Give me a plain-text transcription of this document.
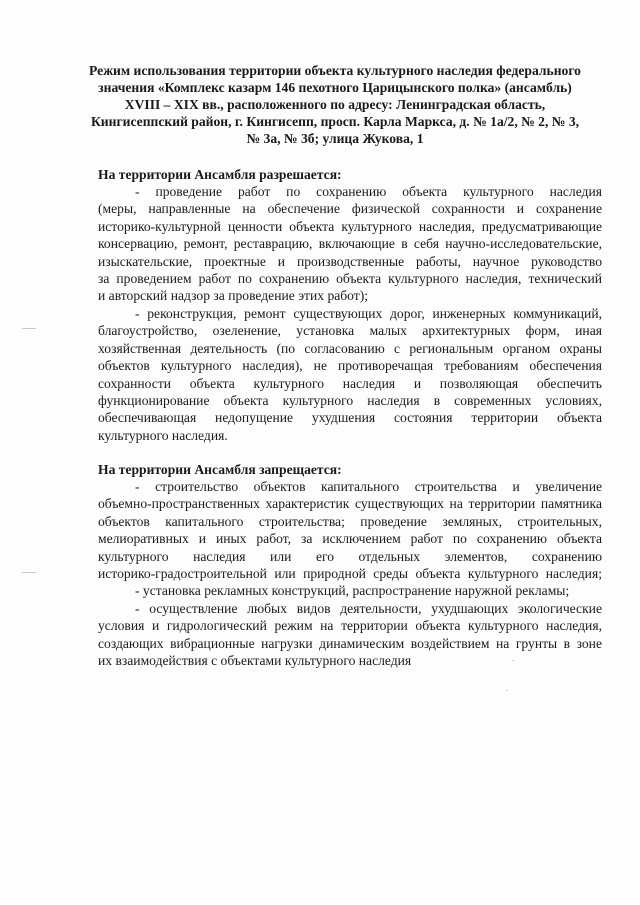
Режим использования территории объекта культурного наследия федерального
значения «Комплекс казарм 146 пехотного Царицынского полка» (ансамбль)
XVIII – XIX вв., расположенного по адресу: Ленинградская область,
Кингисеппский район, г. Кингисепп, просп. Карла Маркса, д. № 1а/2, № 2, № 3,
№ 3а, № 3б; улица Жукова, 1
На территории Ансамбля разрешается:
- проведение работ по сохранению объекта культурного наследия
(меры, направленные на обеспечение физической сохранности и сохранение
историко-культурной ценности объекта культурного наследия, предусматривающие
консервацию, ремонт, реставрацию, включающие в себя научно-исследовательские,
изыскательские, проектные и производственные работы, научное руководство
за проведением работ по сохранению объекта культурного наследия, технический
и авторский надзор за проведение этих работ);
- реконструкция, ремонт существующих дорог, инженерных коммуникаций,
благоустройство, озеленение, установка малых архитектурных форм, иная
хозяйственная деятельность (по согласованию с региональным органом охраны
объектов культурного наследия), не противоречащая требованиям обеспечения
сохранности объекта культурного наследия и позволяющая обеспечить
функционирование объекта культурного наследия в современных условиях,
обеспечивающая недопущение ухудшения состояния территории объекта
культурного наследия.
На территории Ансамбля запрещается:
- строительство объектов капитального строительства и увеличение
объемно-пространственных характеристик существующих на территории памятника
объектов капитального строительства; проведение земляных, строительных,
мелиоративных и иных работ, за исключением работ по сохранению объекта
культурного наследия или его отдельных элементов, сохранению
историко-градостроительной или природной среды объекта культурного наследия;
- установка рекламных конструкций, распространение наружной рекламы;
- осуществление любых видов деятельности, ухудшающих экологические
условия и гидрологический режим на территории объекта культурного наследия,
создающих вибрационные нагрузки динамическим воздействием на грунты в зоне
их взаимодействия с объектами культурного наследия
